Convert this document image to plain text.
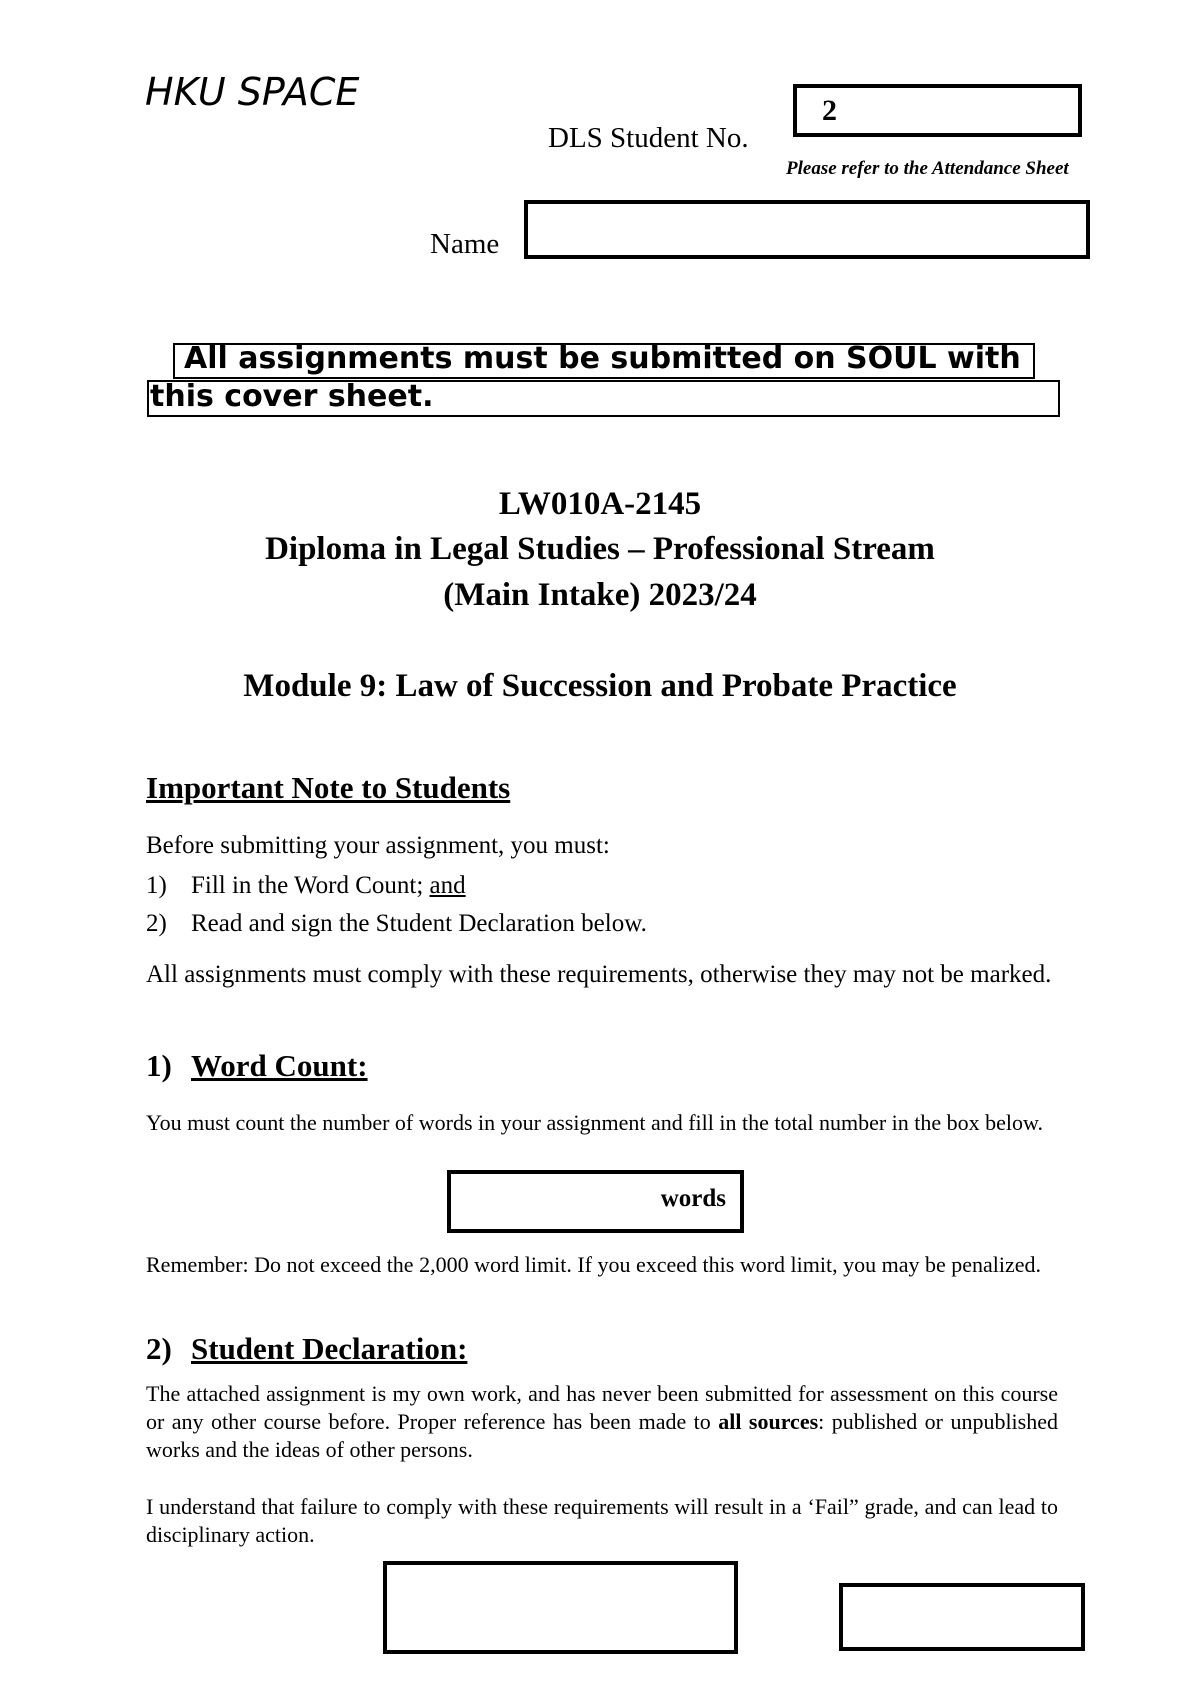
HKU SPACE
DLS Student No.
2
Please refer to the Attendance Sheet
Name
All assignments must be submitted on SOUL with
this cover sheet.
LW010A-2145
Diploma in Legal Studies – Professional Stream
(Main Intake) 2023/24
Module 9: Law of Succession and Probate Practice
Important Note to Students
Before submitting your assignment, you must:
1) Fill in the Word Count; and
2) Read and sign the Student Declaration below.
All assignments must comply with these requirements, otherwise they may not be marked.
1) Word Count:
You must count the number of words in your assignment and fill in the total number in the box below.
words
Remember: Do not exceed the 2,000 word limit. If you exceed this word limit, you may be penalized.
2) Student Declaration:
The attached assignment is my own work, and has never been submitted for assessment on this course or any other course before. Proper reference has been made to all sources: published or unpublished works and the ideas of other persons.
I understand that failure to comply with these requirements will result in a ‘Fail” grade, and can lead to disciplinary action.
